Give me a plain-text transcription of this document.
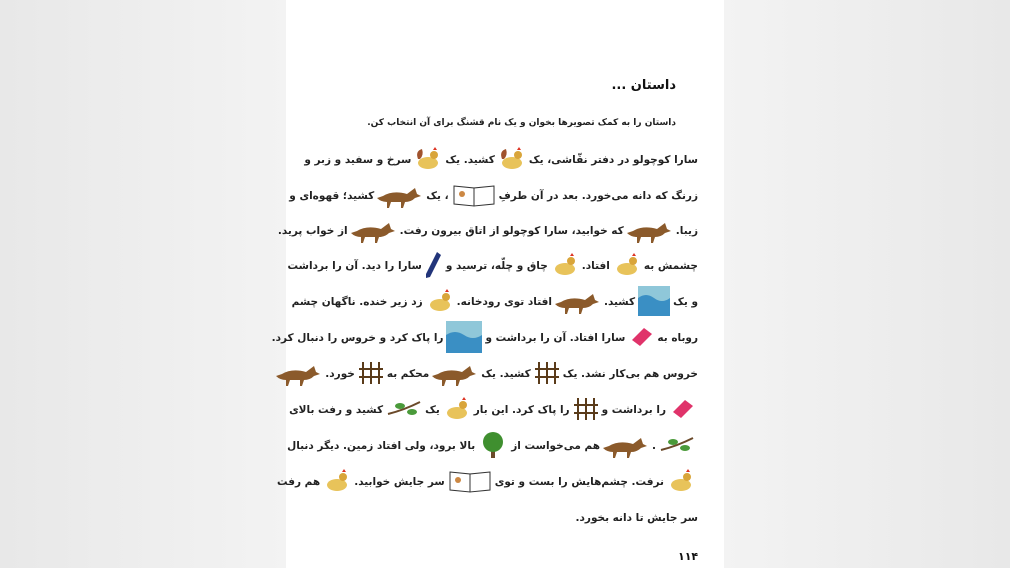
داستان ...
داستان را به کمک تصویرها بخوان و یک نام قشنگ برای آن انتخاب کن.
سارا کوچولو در دفتر نقّاشی، یک
کشید. یک
سرخ و سفید و زبر و
زرنگ که دانه می‌خورد. بعد در آن طرفِ
، یک
کشید؛ قهوه‌ای و
زیبا.
که خوابید، سارا کوچولو از اتاق بیرون رفت.
از خواب پرید.
چشمش به
افتاد.
چاق و چلّه، ترسید و
سارا را دید. آن را برداشت
و یک
کشید.
افتاد توی رودخانه.
زد زیر خنده. ناگهان چشم
روباه به
سارا افتاد. آن را برداشت و
را پاک کرد و خروس را دنبال کرد.
خروس هم بی‌کار نشد. یک
کشید. یک
محکم به
خورد.
را برداشت و
را پاک کرد. این بار
یک
کشید و رفت بالای
.
هم می‌خواست از
بالا برود، ولی افتاد زمین. دیگر دنبال
نرفت. چشم‌هایش را بست و توی
سر جایش خوابید.
هم رفت
سر جایش تا دانه بخورد.
۱۱۴
